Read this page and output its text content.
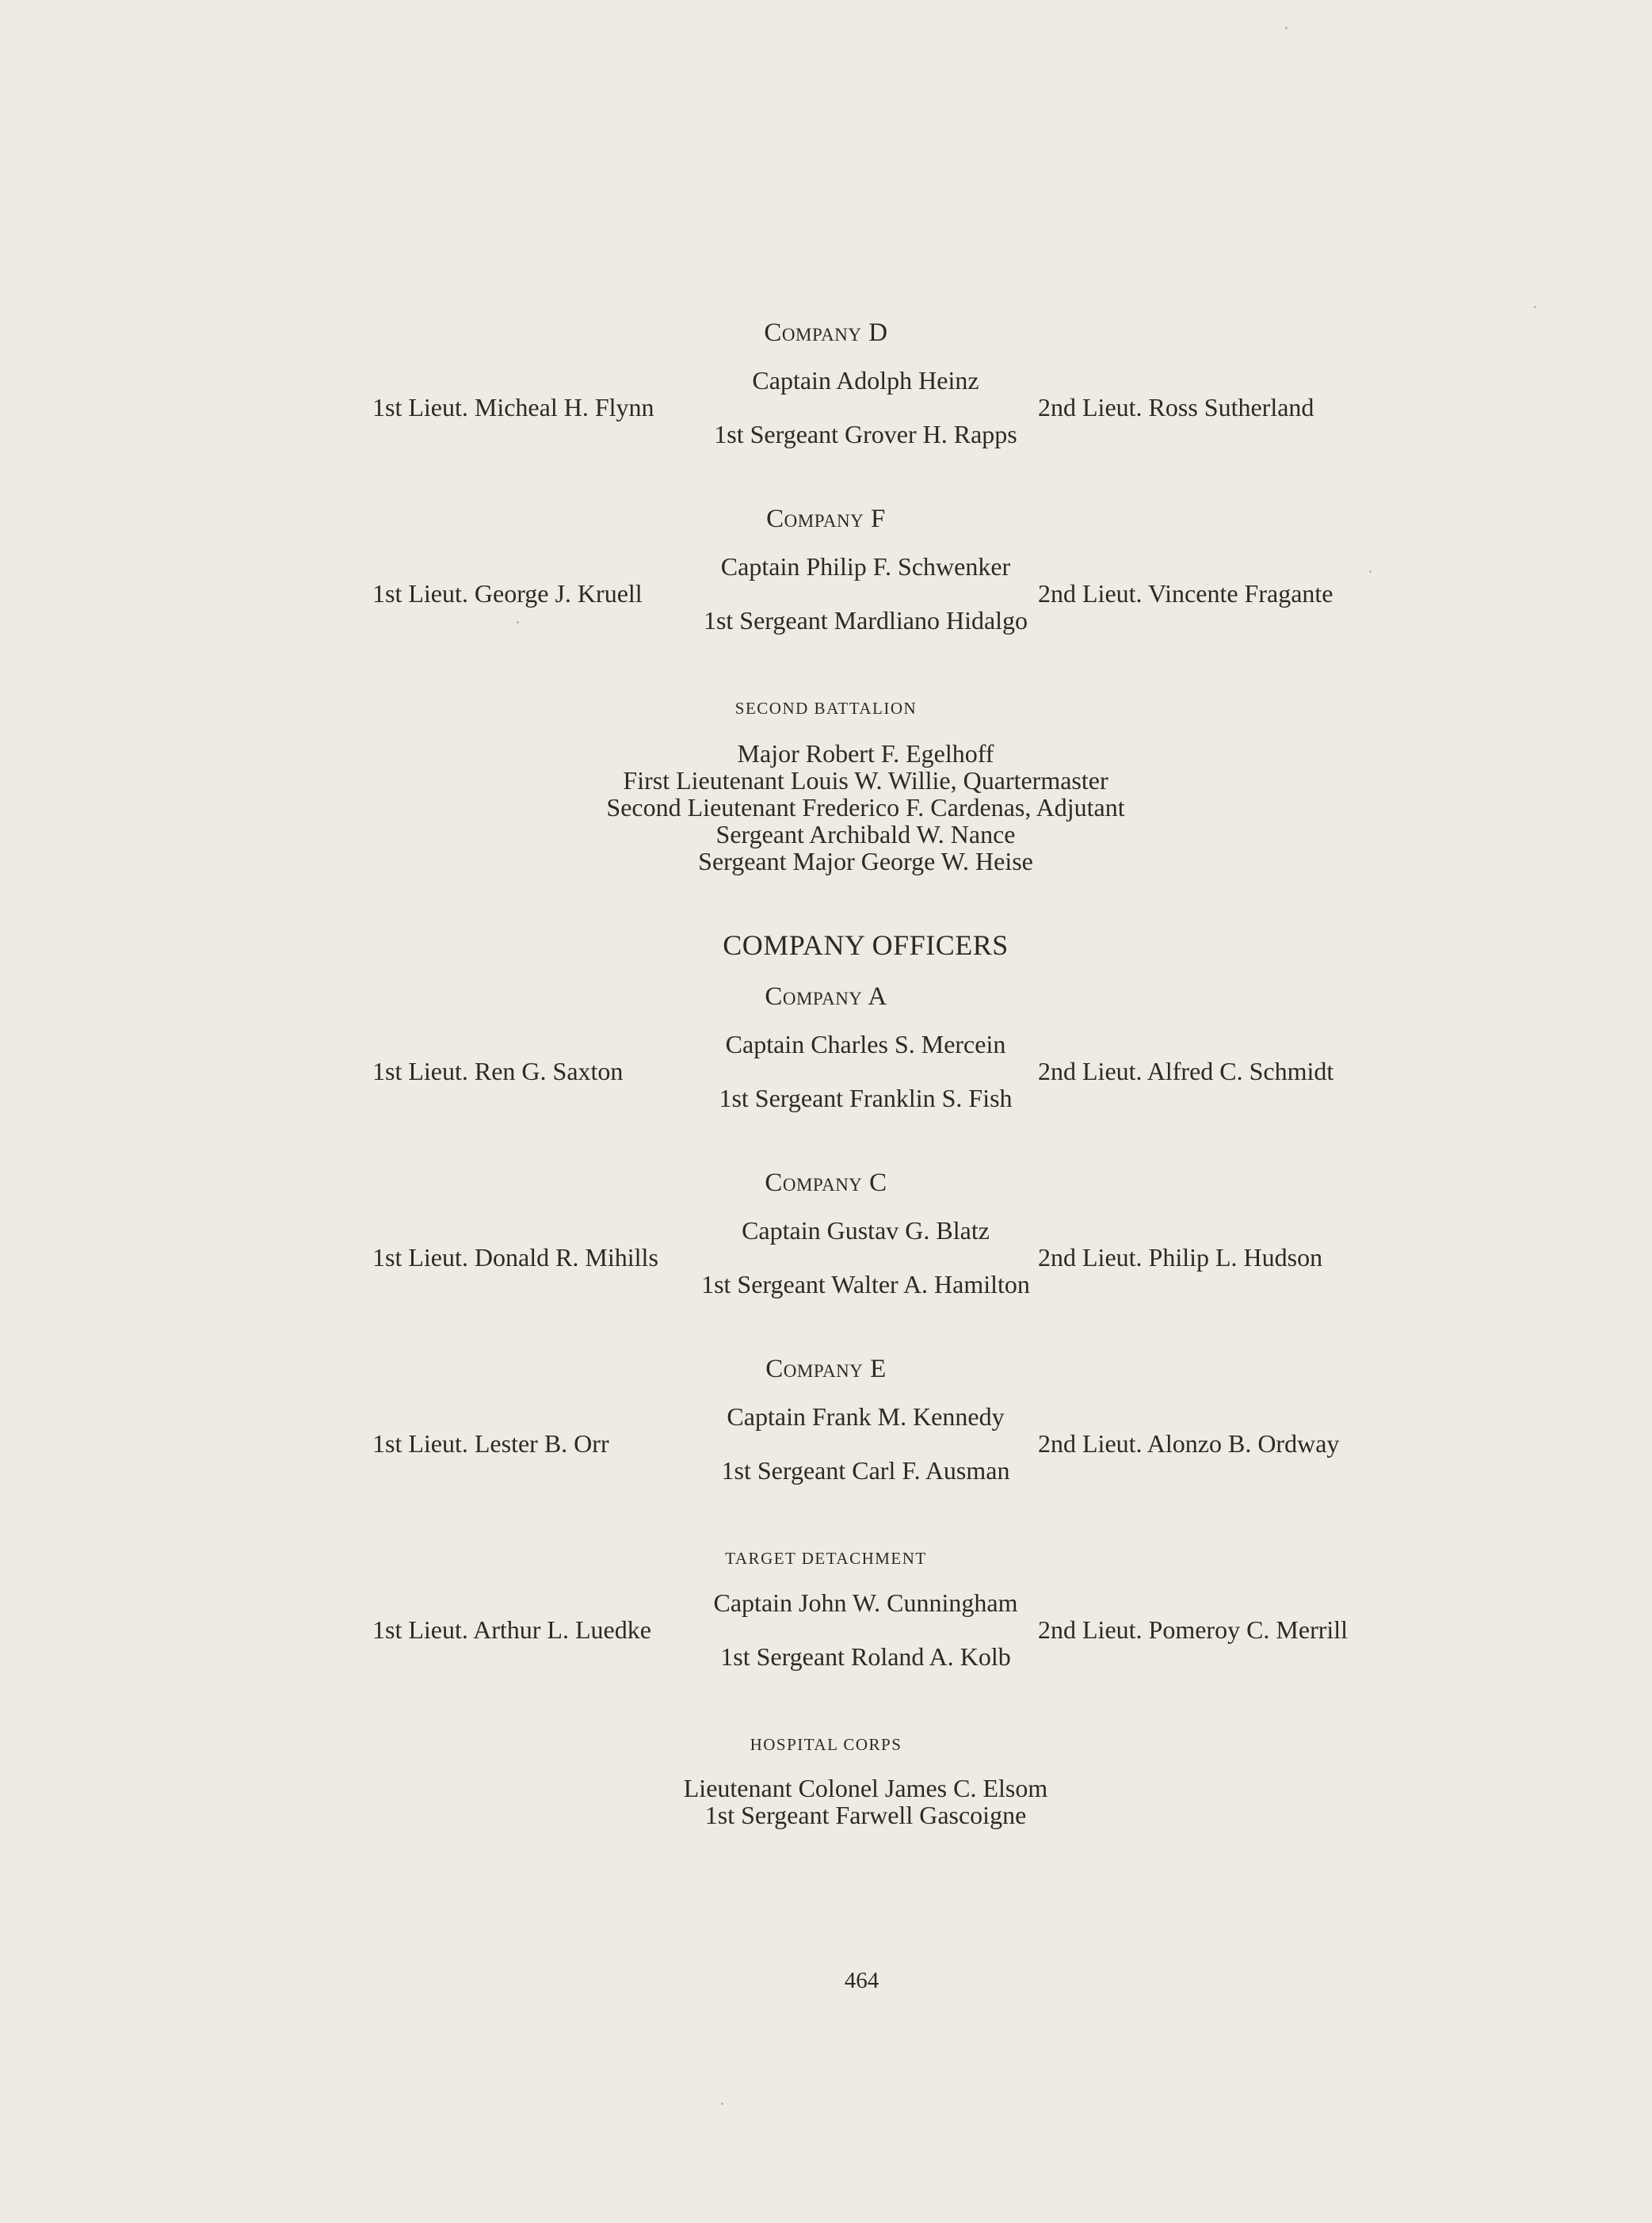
Company D
Captain Adolph Heinz
1st Lieut. Micheal H. Flynn	2nd Lieut. Ross Sutherland
1st Sergeant Grover H. Rapps
Company F
Captain Philip F. Schwenker
1st Lieut. George J. Kruell	2nd Lieut. Vincente Fragante
1st Sergeant Mardliano Hidalgo
SECOND BATTALION
Major Robert F. Egelhoff
First Lieutenant Louis W. Willie, Quartermaster
Second Lieutenant Frederico F. Cardenas, Adjutant
Sergeant Archibald W. Nance
Sergeant Major George W. Heise
COMPANY OFFICERS
Company A
Captain Charles S. Mercein
1st Lieut. Ren G. Saxton	2nd Lieut. Alfred C. Schmidt
1st Sergeant Franklin S. Fish
Company C
Captain Gustav G. Blatz
1st Lieut. Donald R. Mihills	2nd Lieut. Philip L. Hudson
1st Sergeant Walter A. Hamilton
Company E
Captain Frank M. Kennedy
1st Lieut. Lester B. Orr	2nd Lieut. Alonzo B. Ordway
1st Sergeant Carl F. Ausman
TARGET DETACHMENT
Captain John W. Cunningham
1st Lieut. Arthur L. Luedke	2nd Lieut. Pomeroy C. Merrill
1st Sergeant Roland A. Kolb
HOSPITAL CORPS
Lieutenant Colonel James C. Elsom
1st Sergeant Farwell Gascoigne
464
